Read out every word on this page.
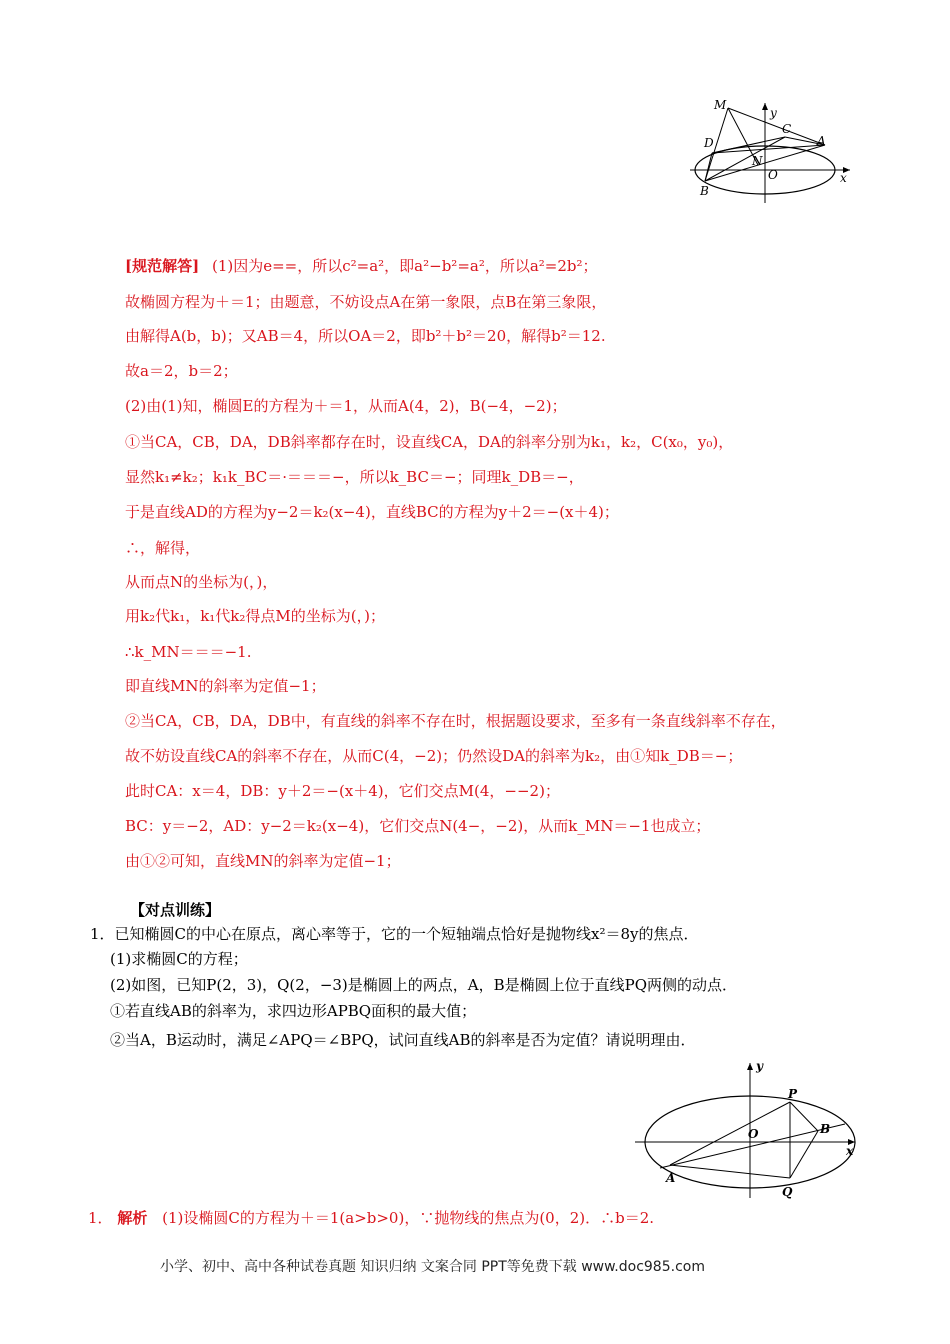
M
y
C
D	A
N
O	x
B
[规范解答] (1)因为e==，所以c²=a²，即a²−b²=a²，所以a²=2b²；
故椭圆方程为＋＝1；由题意，不妨设点A在第一象限，点B在第三象限，
由解得A(b，b)；又AB＝4，所以OA＝2，即b²＋b²＝20，解得b²＝12.
故a＝2，b＝2；
(2)由(1)知，椭圆E的方程为＋＝1，从而A(4，2)，B(−4，−2)；
①当CA，CB，DA，DB斜率都存在时，设直线CA，DA的斜率分别为k₁，k₂，C(x₀，y₀)，
显然k₁≠k₂；k₁k_BC＝·＝＝＝−，所以k_BC＝−；同理k_DB＝−，
于是直线AD的方程为y−2＝k₂(x−4)，直线BC的方程为y＋2＝−(x＋4)；
∴，解得，
从而点N的坐标为(，)，
用k₂代k₁，k₁代k₂得点M的坐标为(，)；
∴k_MN＝＝＝−1.
即直线MN的斜率为定值−1；
②当CA，CB，DA，DB中，有直线的斜率不存在时，根据题设要求，至多有一条直线斜率不存在，
故不妨设直线CA的斜率不存在，从而C(4，−2)；仍然设DA的斜率为k₂，由①知k_DB＝−；
此时CA：x＝4，DB：y＋2＝−(x＋4)，它们交点M(4，−−2)；
BC：y＝−2，AD：y−2＝k₂(x−4)，它们交点N(4−，−2)，从而k_MN＝−1也成立；
由①②可知，直线MN的斜率为定值−1；
【对点训练】
1．已知椭圆C的中心在原点，离心率等于，它的一个短轴端点恰好是抛物线x²＝8y的焦点．
(1)求椭圆C的方程；
(2)如图，已知P(2，3)，Q(2，−3)是椭圆上的两点，A，B是椭圆上位于直线PQ两侧的动点．
①若直线AB的斜率为，求四边形APBQ面积的最大值；
②当A，B运动时，满足∠APQ＝∠BPQ，试问直线AB的斜率是否为定值？请说明理由．
y
P
O	B
x
A
Q
1． 解析 (1)设椭圆C的方程为＋＝1(a>b>0)，∵抛物线的焦点为(0，2)．∴b＝2.
小学、初中、高中各种试卷真题 知识归纳 文案合同 PPT等免费下载 www.doc985.com
